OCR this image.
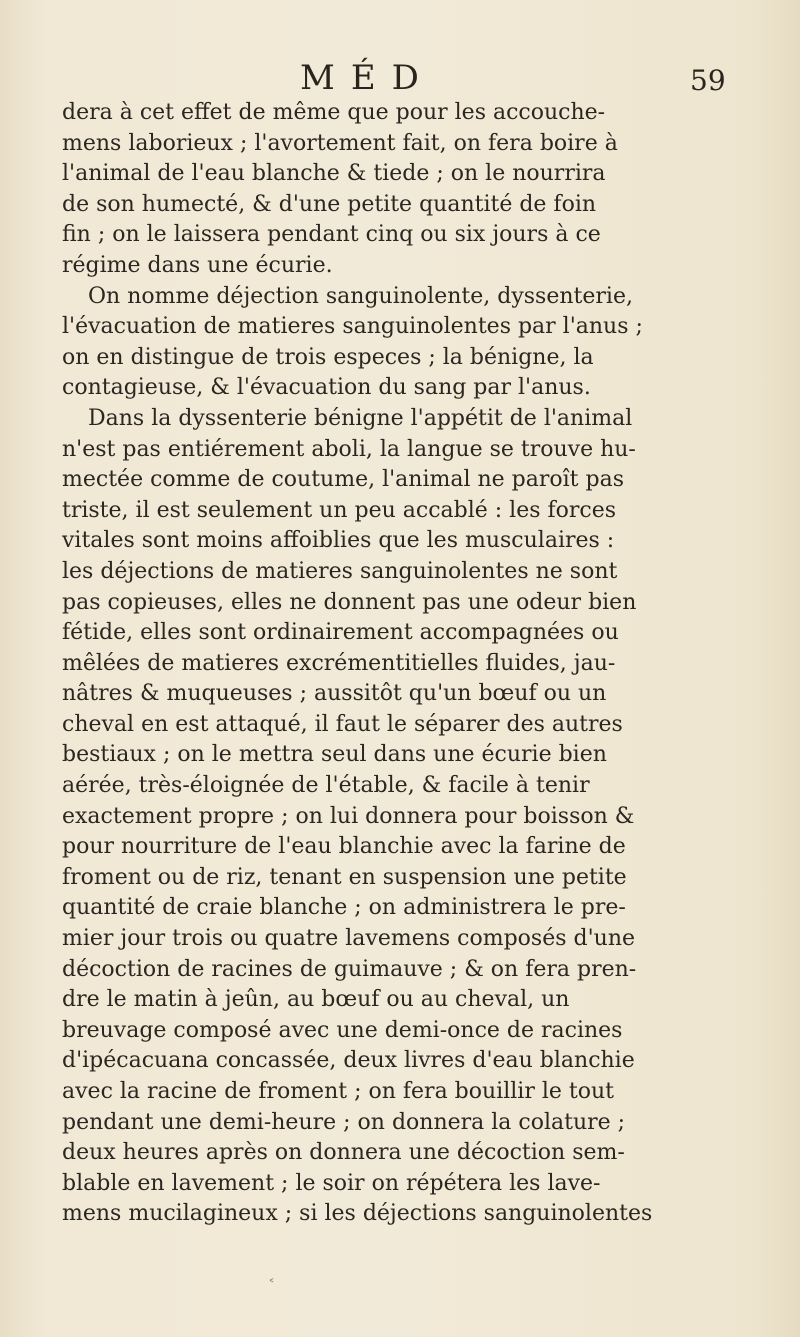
MÉD	59
dera à cet effet de même que pour les accouche-
mens laborieux ; l'avortement fait, on fera boire à
l'animal de l'eau blanche & tiede ; on le nourrira
de son humecté, & d'une petite quantité de foin
fin ; on le laissera pendant cinq ou six jours à ce
régime dans une écurie.
On nomme déjection sanguinolente, dyssenterie,
l'évacuation de matieres sanguinolentes par l'anus ;
on en distingue de trois especes ; la bénigne, la
contagieuse, & l'évacuation du sang par l'anus.
Dans la dyssenterie bénigne l'appétit de l'animal
n'est pas entiérement aboli, la langue se trouve hu-
mectée comme de coutume, l'animal ne paroît pas
triste, il est seulement un peu accablé : les forces
vitales sont moins affoiblies que les musculaires :
les déjections de matieres sanguinolentes ne sont
pas copieuses, elles ne donnent pas une odeur bien
fétide, elles sont ordinairement accompagnées ou
mêlées de matieres excrémentitielles fluides, jau-
nâtres & muqueuses ; aussitôt qu'un bœuf ou un
cheval en est attaqué, il faut le séparer des autres
bestiaux ; on le mettra seul dans une écurie bien
aérée, très-éloignée de l'étable, & facile à tenir
exactement propre ; on lui donnera pour boisson &
pour nourriture de l'eau blanchie avec la farine de
froment ou de riz, tenant en suspension une petite
quantité de craie blanche ; on administrera le pre-
mier jour trois ou quatre lavemens composés d'une
décoction de racines de guimauve ; & on fera pren-
dre le matin à jeûn, au bœuf ou au cheval, un
breuvage composé avec une demi-once de racines
d'ipécacuana concassée, deux livres d'eau blanchie
avec la racine de froment ; on fera bouillir le tout
pendant une demi-heure ; on donnera la colature ;
deux heures après on donnera une décoction sem-
blable en lavement ; le soir on répétera les lave-
mens mucilagineux ; si les déjections sanguinolentes
˂
